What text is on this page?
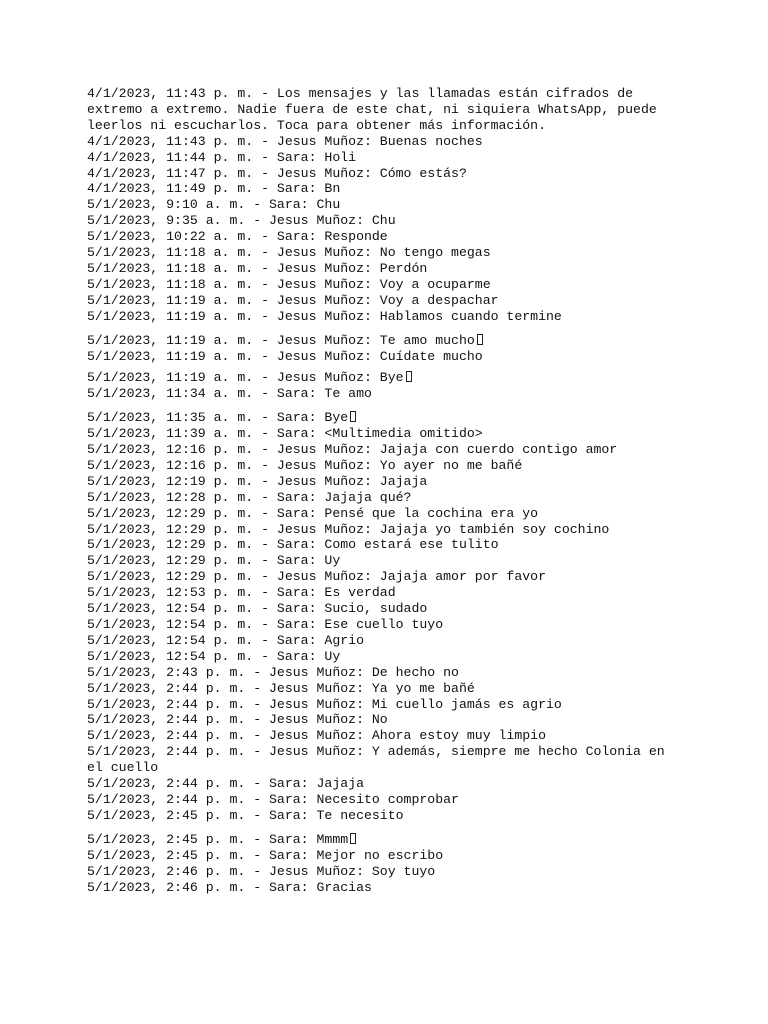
4/1/2023, 11:43 p. m. - Los mensajes y las llamadas están cifrados de extremo a extremo. Nadie fuera de este chat, ni siquiera WhatsApp, puede leerlos ni escucharlos. Toca para obtener más información.
4/1/2023, 11:43 p. m. - Jesus Muñoz: Buenas noches
4/1/2023, 11:44 p. m. - Sara: Holi
4/1/2023, 11:47 p. m. - Jesus Muñoz: Cómo estás?
4/1/2023, 11:49 p. m. - Sara: Bn
5/1/2023, 9:10 a. m. - Sara: Chu
5/1/2023, 9:35 a. m. - Jesus Muñoz: Chu
5/1/2023, 10:22 a. m. - Sara: Responde
5/1/2023, 11:18 a. m. - Jesus Muñoz: No tengo megas
5/1/2023, 11:18 a. m. - Jesus Muñoz: Perdón
5/1/2023, 11:18 a. m. - Jesus Muñoz: Voy a ocuparme
5/1/2023, 11:19 a. m. - Jesus Muñoz: Voy a despachar
5/1/2023, 11:19 a. m. - Jesus Muñoz: Hablamos cuando termine
5/1/2023, 11:19 a. m. - Jesus Muñoz: Te amo mucho
5/1/2023, 11:19 a. m. - Jesus Muñoz: Cuídate mucho
5/1/2023, 11:19 a. m. - Jesus Muñoz: Bye
5/1/2023, 11:34 a. m. - Sara: Te amo
5/1/2023, 11:35 a. m. - Sara: Bye
5/1/2023, 11:39 a. m. - Sara: <Multimedia omitido>
5/1/2023, 12:16 p. m. - Jesus Muñoz: Jajaja con cuerdo contigo amor
5/1/2023, 12:16 p. m. - Jesus Muñoz: Yo ayer no me bañé
5/1/2023, 12:19 p. m. - Jesus Muñoz: Jajaja
5/1/2023, 12:28 p. m. - Sara: Jajaja qué?
5/1/2023, 12:29 p. m. - Sara: Pensé que la cochina era yo
5/1/2023, 12:29 p. m. - Jesus Muñoz: Jajaja yo también soy cochino
5/1/2023, 12:29 p. m. - Sara: Como estará ese tulito
5/1/2023, 12:29 p. m. - Sara: Uy
5/1/2023, 12:29 p. m. - Jesus Muñoz: Jajaja amor por favor
5/1/2023, 12:53 p. m. - Sara: Es verdad
5/1/2023, 12:54 p. m. - Sara: Sucio, sudado
5/1/2023, 12:54 p. m. - Sara: Ese cuello tuyo
5/1/2023, 12:54 p. m. - Sara: Agrio
5/1/2023, 12:54 p. m. - Sara: Uy
5/1/2023, 2:43 p. m. - Jesus Muñoz: De hecho no
5/1/2023, 2:44 p. m. - Jesus Muñoz: Ya yo me bañé
5/1/2023, 2:44 p. m. - Jesus Muñoz: Mi cuello jamás es agrio
5/1/2023, 2:44 p. m. - Jesus Muñoz: No
5/1/2023, 2:44 p. m. - Jesus Muñoz: Ahora estoy muy limpio
5/1/2023, 2:44 p. m. - Jesus Muñoz: Y además, siempre me hecho Colonia en el cuello
5/1/2023, 2:44 p. m. - Sara: Jajaja
5/1/2023, 2:44 p. m. - Sara: Necesito comprobar
5/1/2023, 2:45 p. m. - Sara: Te necesito
5/1/2023, 2:45 p. m. - Sara: Mmmm
5/1/2023, 2:45 p. m. - Sara: Mejor no escribo
5/1/2023, 2:46 p. m. - Jesus Muñoz: Soy tuyo
5/1/2023, 2:46 p. m. - Sara: Gracias
